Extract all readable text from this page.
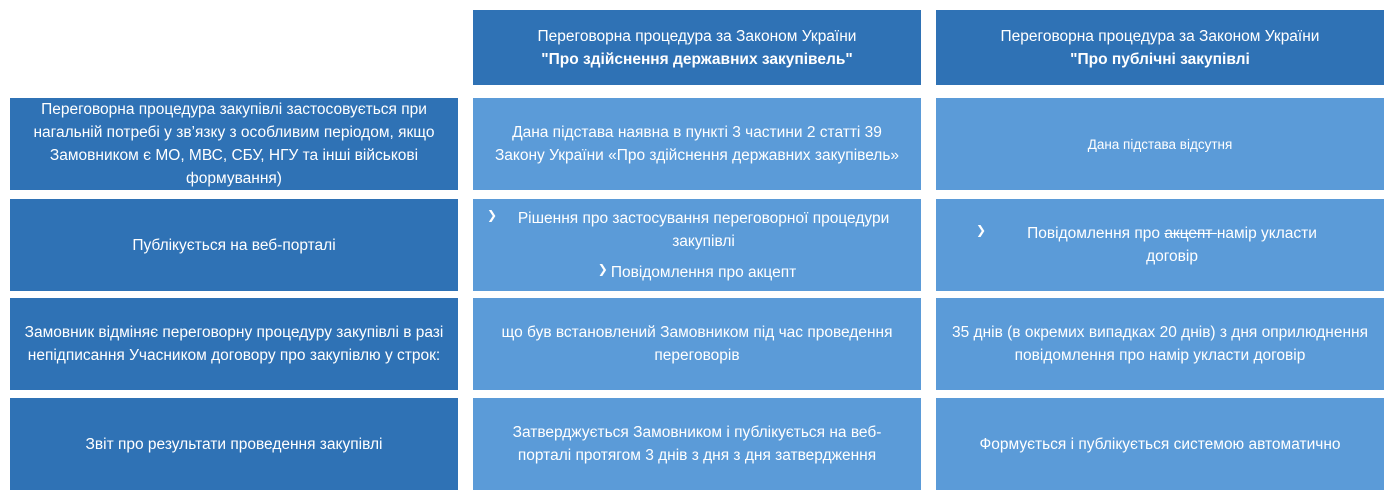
Переговорна процедура за Законом України
"Про здійснення державних закупівель"
Переговорна процедура за Законом України
"Про публічні закупівлі
Переговорна процедура закупівлі застосовується при нагальній потребі у зв’язку з особливим періодом, якщо Замовником є МО, МВС, СБУ, НГУ та інші військові формування)
Дана підстава наявна в пункті 3 частини 2 статті 39 Закону України «Про здійснення державних закупівель»
Дана підстава відсутня
Публікується на веб-порталі
❯	Рішення про застосування переговорної процедури закупівлі
❯ Повідомлення про акцепт
❯	Повідомлення про акцепт намір укласти договір
Замовник відміняє переговорну процедуру закупівлі в разі непідписання Учасником договору про закупівлю у строк:
що був встановлений Замовником під час проведення переговорів
35 днів (в окремих випадках 20 днів) з дня оприлюднення повідомлення про намір укласти договір
Звіт про результати проведення закупівлі
Затверджується Замовником і публікується на веб-порталі протягом 3 днів з дня з дня затвердження
Формується і публікується системою автоматично
